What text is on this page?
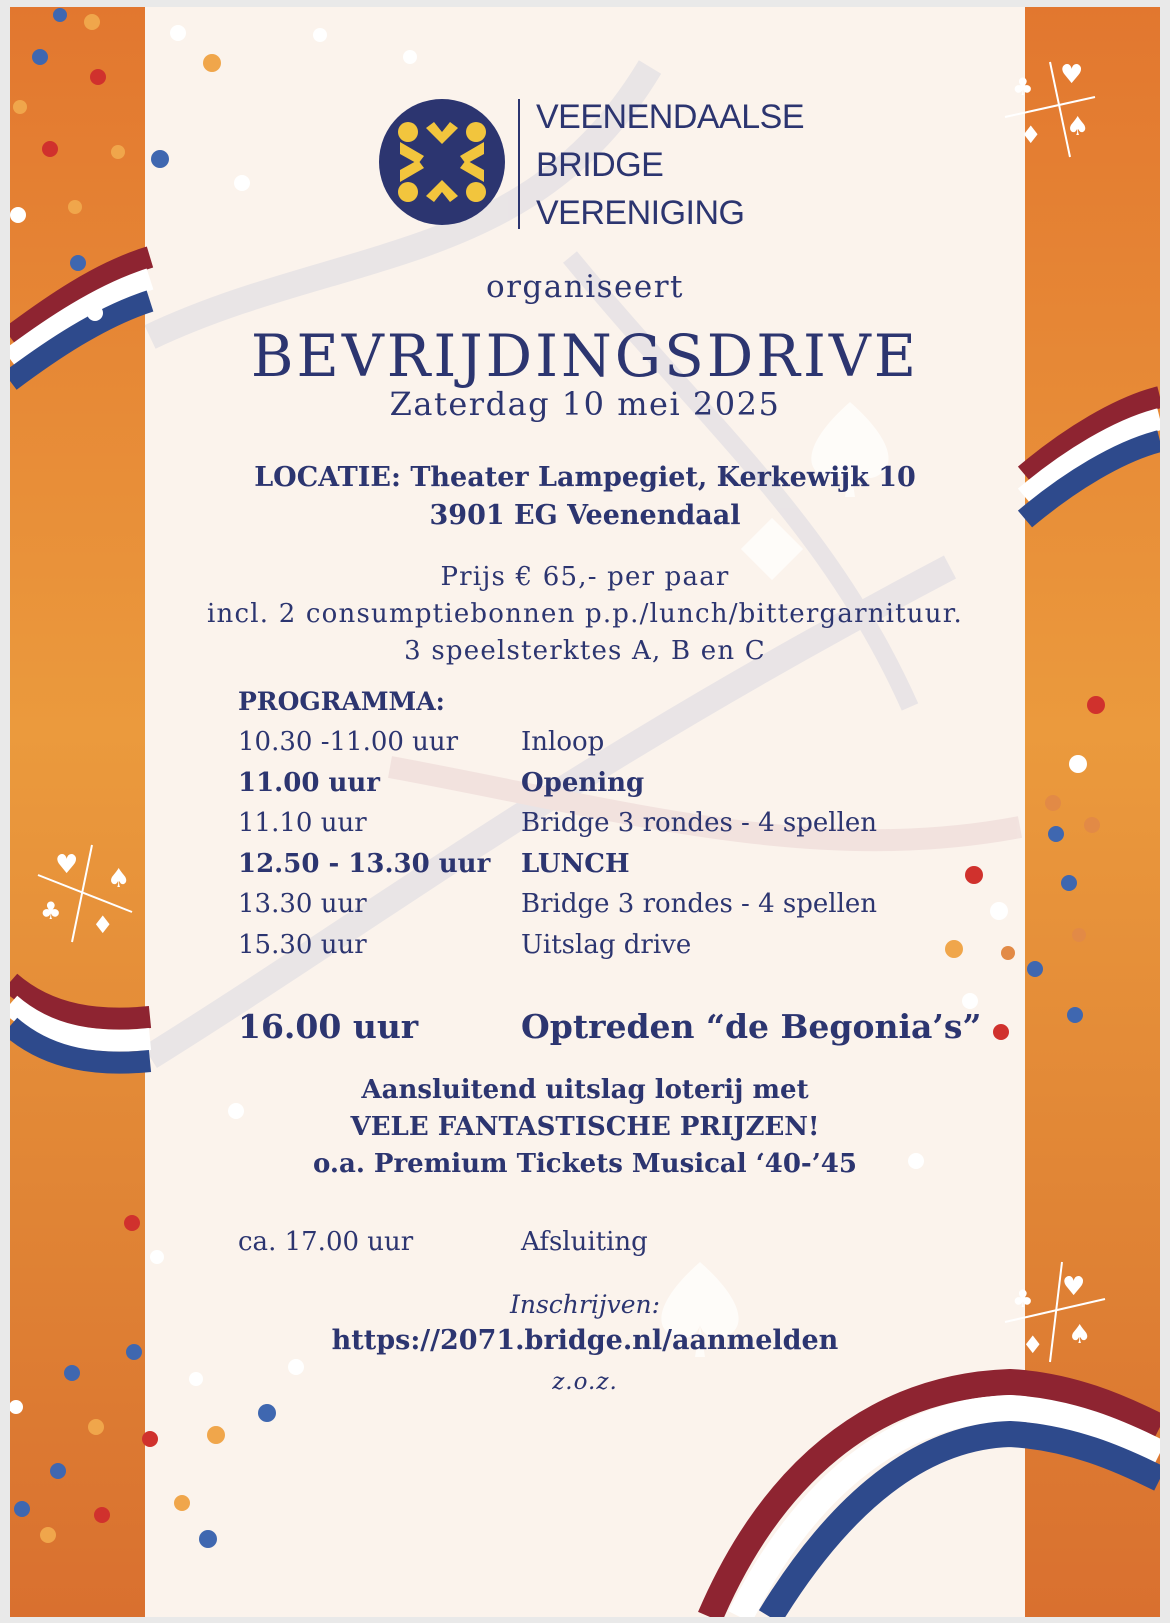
♣ ♥
♦ ♠
♥ ♠
♣ ♦
♣ ♥
♦ ♠
VEENENDAALSE
BRIDGE
VERENIGING
organiseert
BEVRIJDINGSDRIVE
Zaterdag 10 mei 2025
LOCATIE: Theater Lampegiet, Kerkewijk 10
3901 EG Veenendaal
Prijs € 65,- per paar
incl. 2 consumptiebonnen p.p./lunch/bittergarnituur.
3 speelsterktes A, B en C
PROGRAMMA:
16.00 uur	Optreden “de Begonia’s”
Aansluitend uitslag loterij met
VELE FANTASTISCHE PRIJZEN!
o.a. Premium Tickets Musical ‘40-’45
ca. 17.00 uur	Afsluiting
Inschrijven:
https://2071.bridge.nl/aanmelden
z.o.z.
10.30 -11.00 uur Inloop
11.00 uur	Opening
11.10 uur	Bridge 3 rondes - 4 spellen
12.50 - 13.30 uur LUNCH
13.30 uur	Bridge 3 rondes - 4 spellen
15.30 uur	Uitslag drive
